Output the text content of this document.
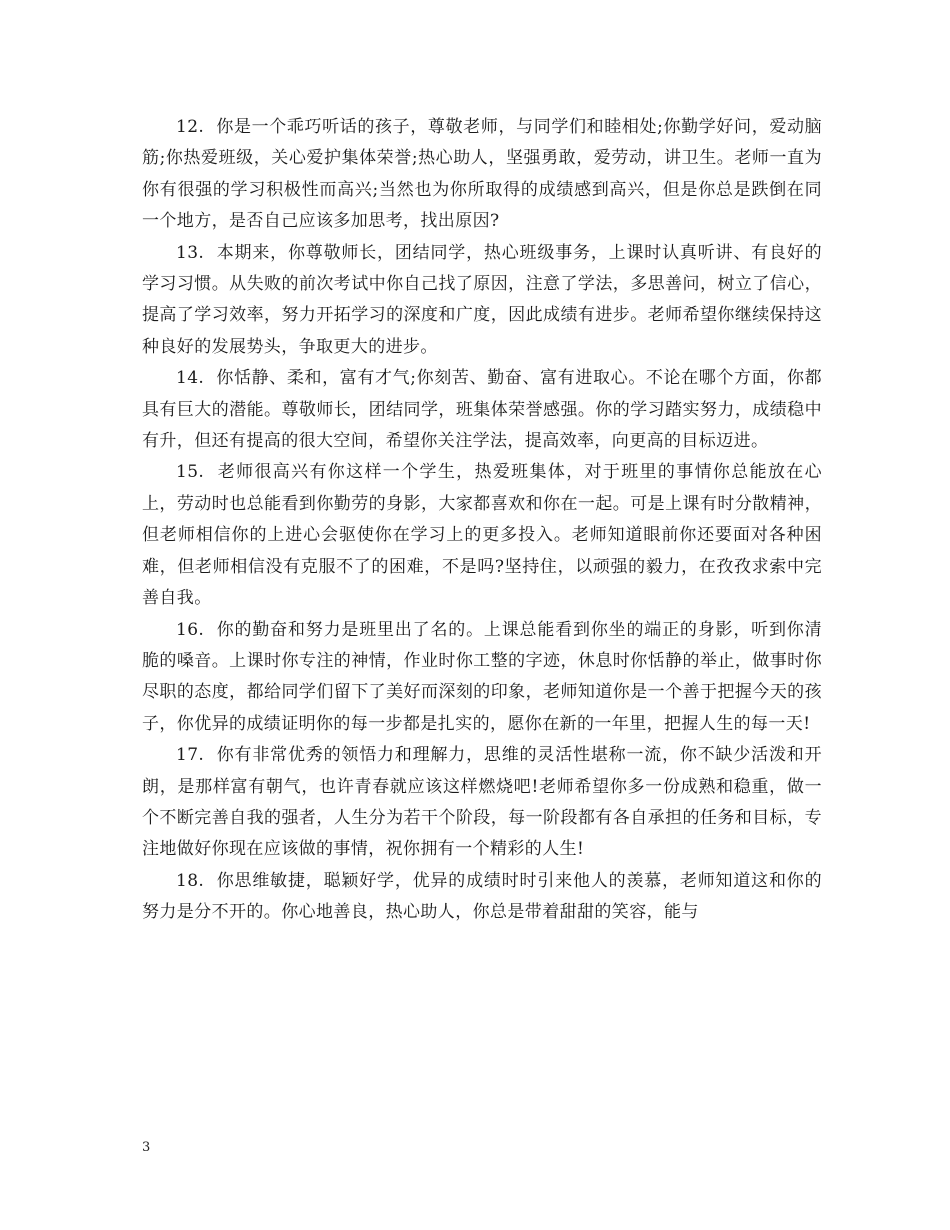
12. 你是一个乖巧听话的孩子，尊敬老师，与同学们和睦相处;你勤学好问，爱动脑筋;你热爱班级，关心爱护集体荣誉;热心助人，坚强勇敢，爱劳动，讲卫生。老师一直为你有很强的学习积极性而高兴;当然也为你所取得的成绩感到高兴，但是你总是跌倒在同一个地方，是否自己应该多加思考，找出原因?

13. 本期来，你尊敬师长，团结同学，热心班级事务，上课时认真听讲、有良好的学习习惯。从失败的前次考试中你自己找了原因，注意了学法，多思善问，树立了信心，提高了学习效率，努力开拓学习的深度和广度，因此成绩有进步。老师希望你继续保持这种良好的发展势头，争取更大的进步。

14. 你恬静、柔和，富有才气;你刻苦、勤奋、富有进取心。不论在哪个方面，你都具有巨大的潜能。尊敬师长，团结同学，班集体荣誉感强。你的学习踏实努力，成绩稳中有升，但还有提高的很大空间，希望你关注学法，提高效率，向更高的目标迈进。

15. 老师很高兴有你这样一个学生，热爱班集体，对于班里的事情你总能放在心上，劳动时也总能看到你勤劳的身影，大家都喜欢和你在一起。可是上课有时分散精神，但老师相信你的上进心会驱使你在学习上的更多投入。老师知道眼前你还要面对各种困难，但老师相信没有克服不了的困难，不是吗?坚持住，以顽强的毅力，在孜孜求索中完善自我。

16. 你的勤奋和努力是班里出了名的。上课总能看到你坐的端正的身影，听到你清脆的嗓音。上课时你专注的神情，作业时你工整的字迹，休息时你恬静的举止，做事时你尽职的态度，都给同学们留下了美好而深刻的印象，老师知道你是一个善于把握今天的孩子，你优异的成绩证明你的每一步都是扎实的，愿你在新的一年里，把握人生的每一天!

17. 你有非常优秀的领悟力和理解力，思维的灵活性堪称一流，你不缺少活泼和开朗，是那样富有朝气，也许青春就应该这样燃烧吧!老师希望你多一份成熟和稳重，做一个不断完善自我的强者，人生分为若干个阶段，每一阶段都有各自承担的任务和目标，专注地做好你现在应该做的事情，祝你拥有一个精彩的人生!

18. 你思维敏捷，聪颖好学，优异的成绩时时引来他人的羡慕，老师知道这和你的努力是分不开的。你心地善良，热心助人，你总是带着甜甜的笑容，能与

3
